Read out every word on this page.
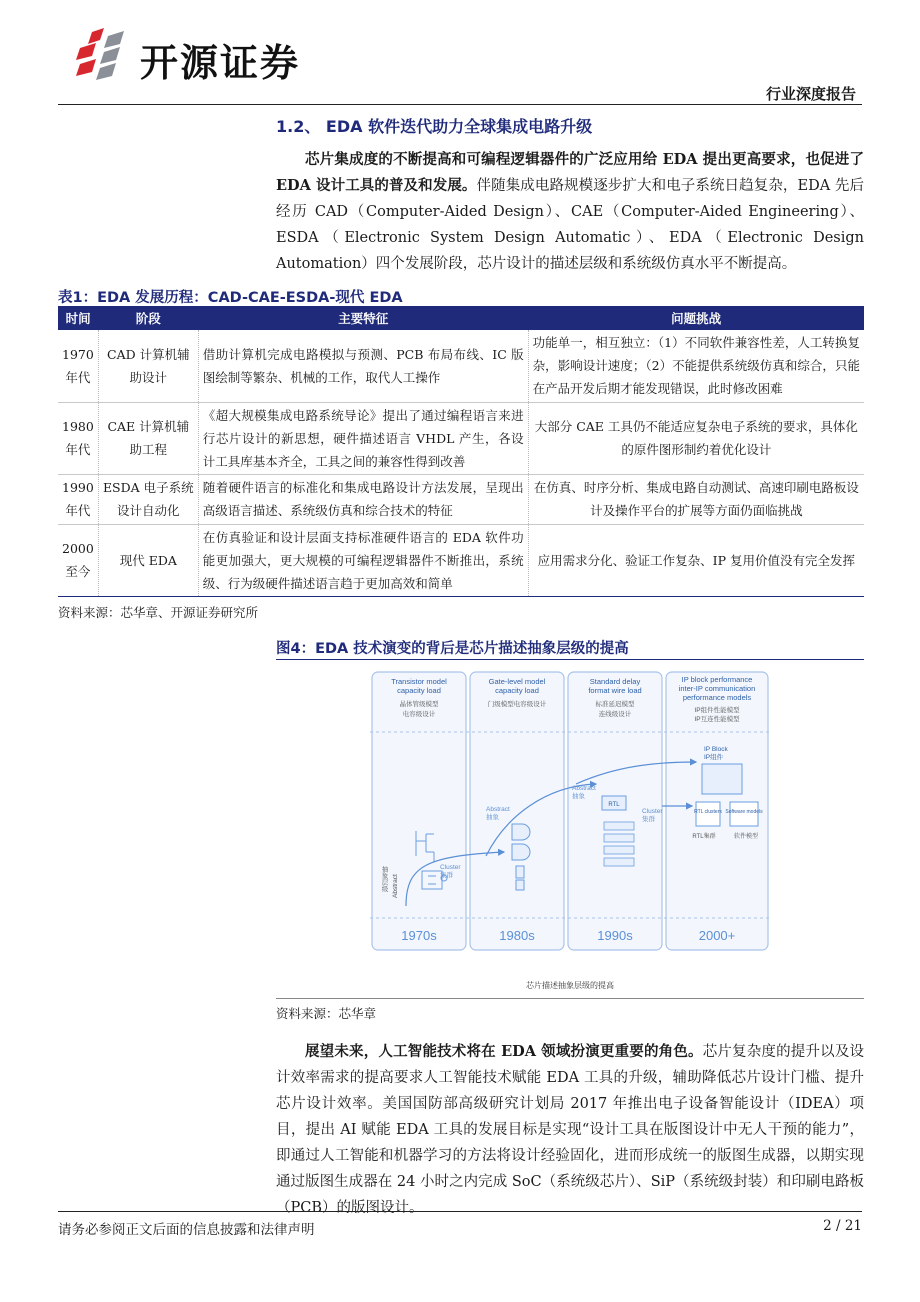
开源证券
行业深度报告
1.2、 EDA 软件迭代助力全球集成电路升级

芯片集成度的不断提高和可编程逻辑器件的广泛应用给 EDA 提出更高要求，也促进了 EDA 设计工具的普及和发展。伴随集成电路规模逐步扩大和电子系统日趋复杂，EDA 先后经历 CAD（Computer-Aided Design）、CAE（Computer-Aided Engineering）、ESDA（Electronic System Design Automatic）、EDA（Electronic Design Automation）四个发展阶段，芯片设计的描述层级和系统级仿真水平不断提高。

表1：EDA 发展历程：CAD-CAE-ESDA-现代 EDA
时间	阶段	主要特征	问题挑战
1970 年代	CAD 计算机辅助设计	借助计算机完成电路模拟与预测、PCB 布局布线、IC 版图绘制等繁杂、机械的工作，取代人工操作	功能单一，相互独立：（1）不同软件兼容性差，人工转换复杂，影响设计速度；（2）不能提供系统级仿真和综合，只能在产品开发后期才能发现错误，此时修改困难
1980 年代	CAE 计算机辅助工程	《超大规模集成电路系统导论》提出了通过编程语言来进行芯片设计的新思想，硬件描述语言 VHDL 产生，各设计工具库基本齐全，工具之间的兼容性得到改善	大部分 CAE 工具仍不能适应复杂电子系统的要求，具体化的原件图形制约着优化设计
1990 年代	ESDA 电子系统设计自动化	随着硬件语言的标准化和集成电路设计方法发展，呈现出高级语言描述、系统级仿真和综合技术的特征	在仿真、时序分析、集成电路自动测试、高速印刷电路板设计及操作平台的扩展等方面仍面临挑战
2000 至今	现代 EDA	在仿真验证和设计层面支持标准硬件语言的 EDA 软件功能更加强大，更大规模的可编程逻辑器件不断推出，系统级、行为级硬件描述语言趋于更加高效和简单	应用需求分化、验证工作复杂、IP 复用价值没有完全发挥
资料来源：芯华章、开源证券研究所
图4：EDA 技术演变的背后是芯片描述抽象层级的提高
Transistor model
capacity load
Gate-level model
capacity load
Standard delay
format wire load
IP block performance
inter-IP communication
performance models
晶体管级模型
电容级设计
门级模型电容级设计	标准延迟模型
连线级设计
IP组件性能模型
IP互连性能模型
抽象层级 Abstract
Cluster
集群
Abstract
抽象
Abstract
抽象
RTL
Cluster
集群
IP Block
IP组件
RTL clusters Software models
RTL集群	软件模型
1970s	1980s	1990s	2000+
芯片描述抽象层级的提高
资料来源：芯华章

展望未来，人工智能技术将在 EDA 领域扮演更重要的角色。芯片复杂度的提升以及设计效率需求的提高要求人工智能技术赋能 EDA 工具的升级，辅助降低芯片设计门槛、提升芯片设计效率。美国国防部高级研究计划局 2017 年推出电子设备智能设计（IDEA）项目，提出 AI 赋能 EDA 工具的发展目标是实现“设计工具在版图设计中无人干预的能力”，即通过人工智能和机器学习的方法将设计经验固化，进而形成统一的版图生成器，以期实现通过版图生成器在 24 小时之内完成 SoC（系统级芯片）、SiP（系统级封装）和印刷电路板（PCB）的版图设计。

请务必参阅正文后面的信息披露和法律声明	2 / 21
